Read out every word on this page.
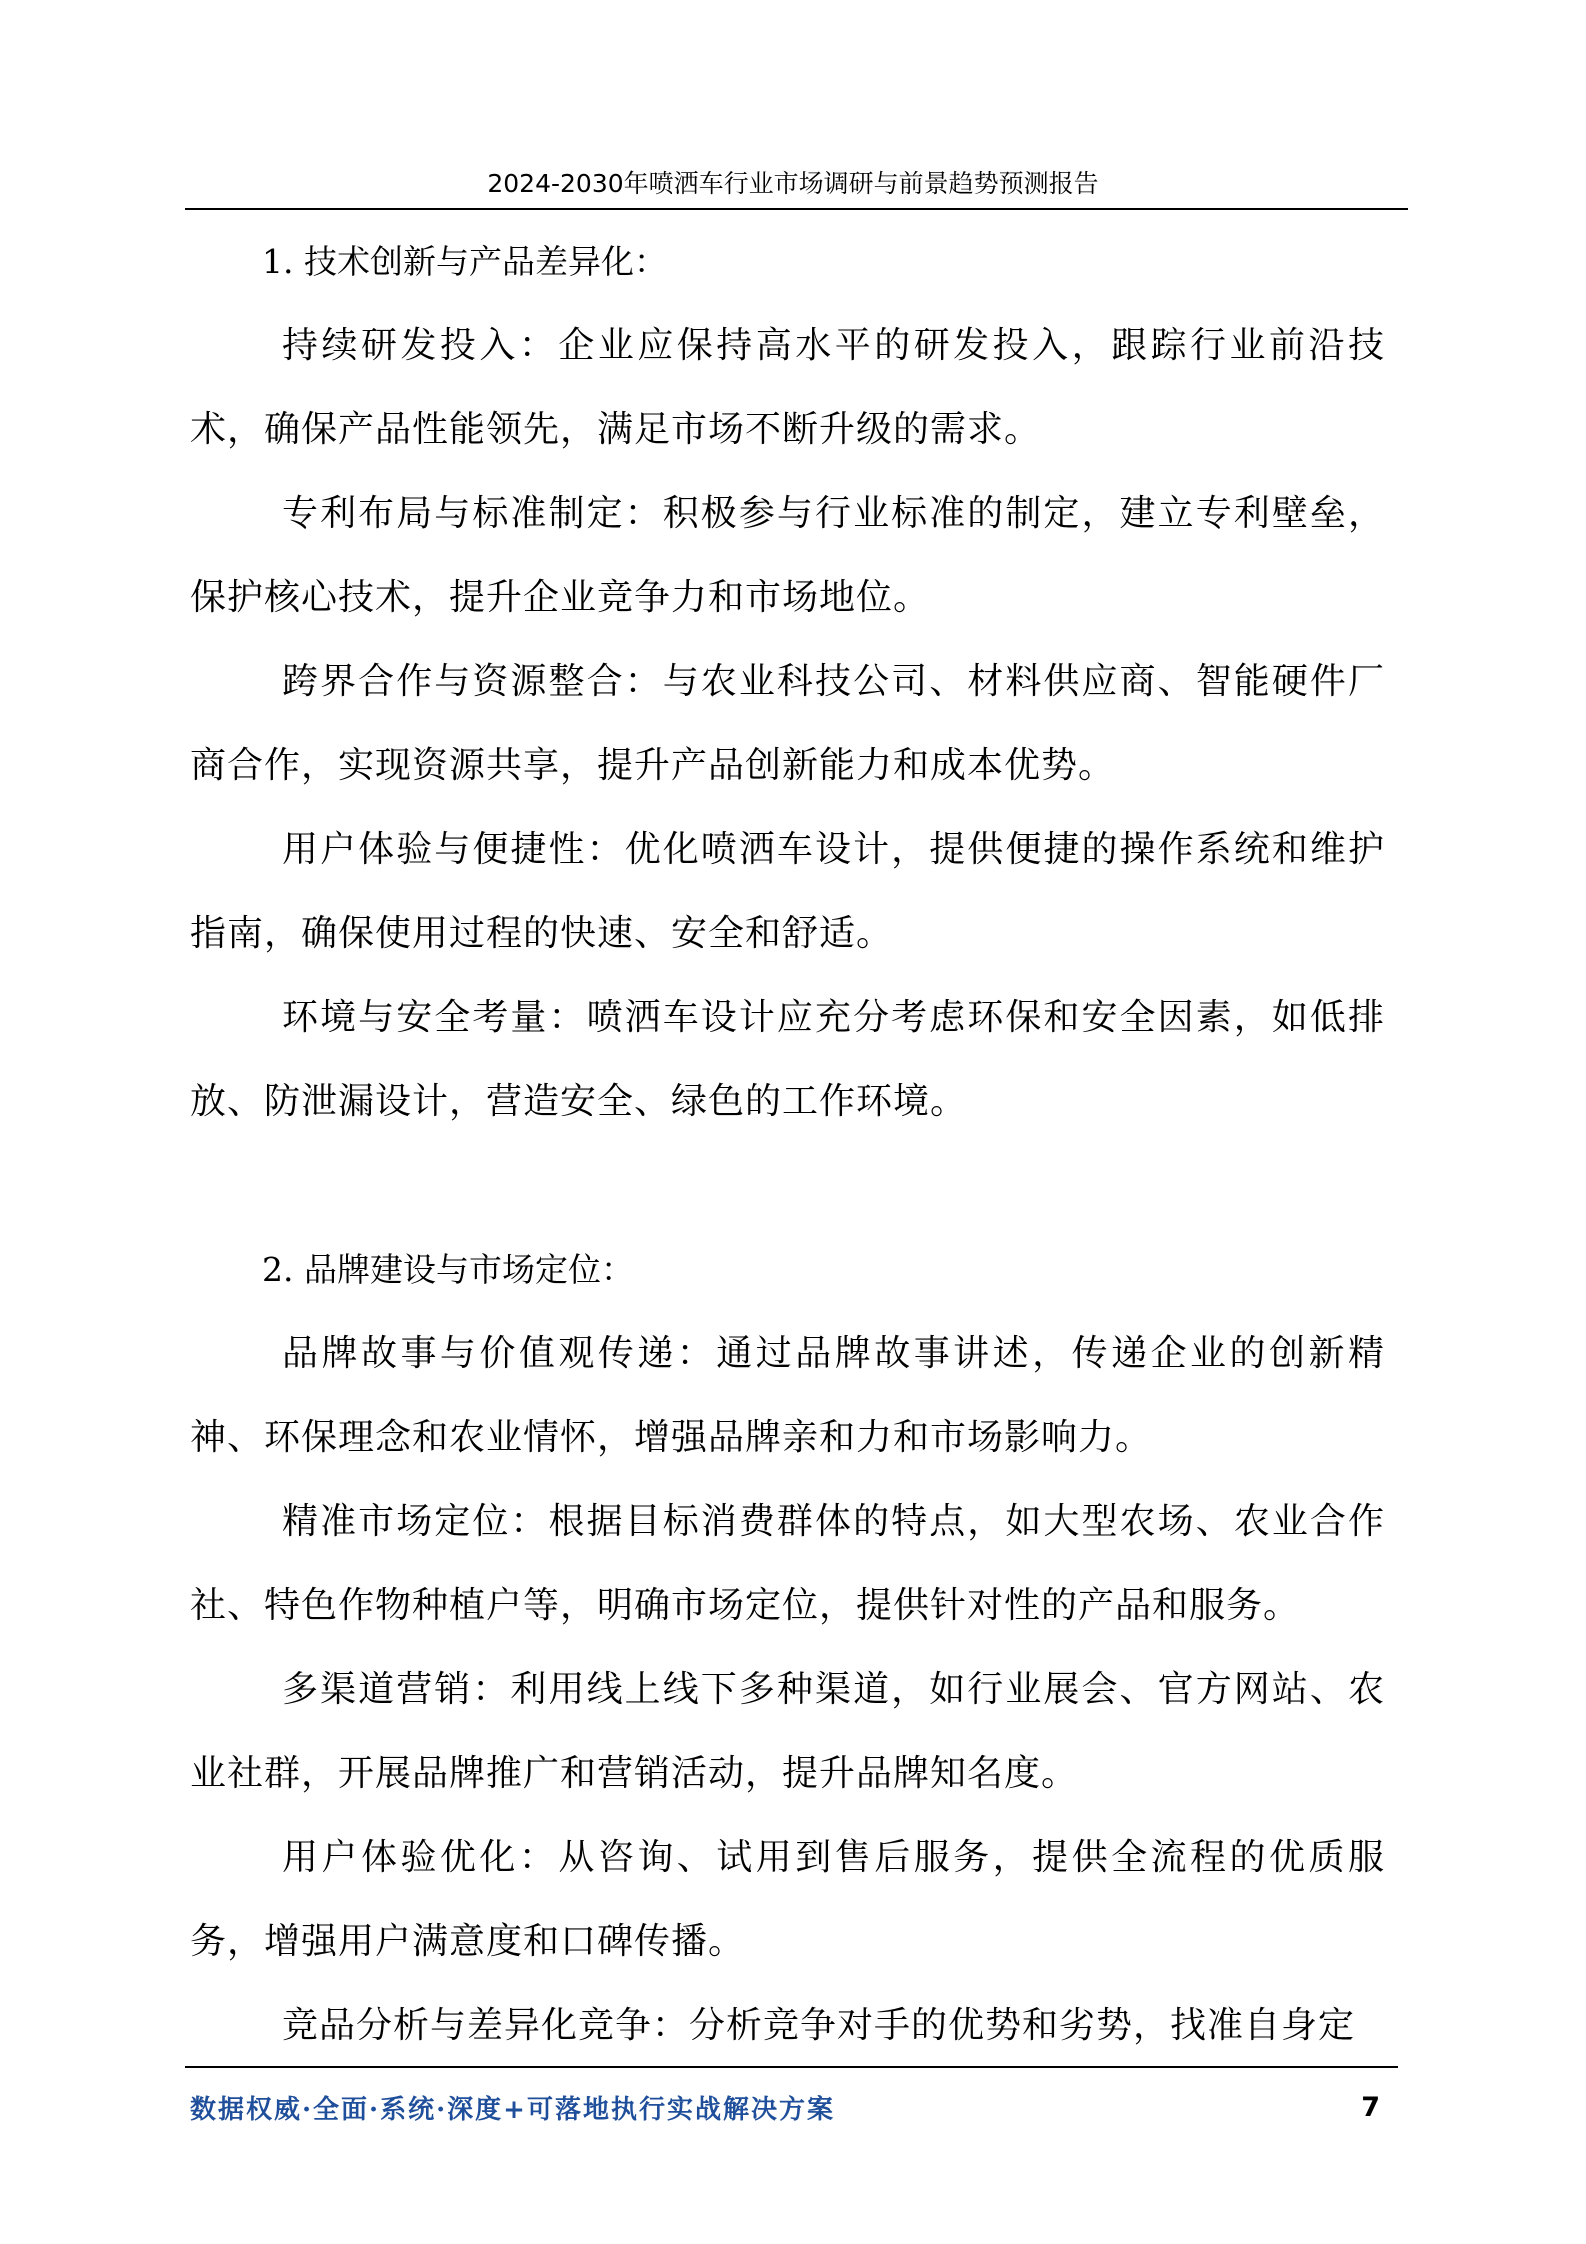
2024-2030年喷洒车行业市场调研与前景趋势预测报告

1. 技术创新与产品差异化：

持续研发投入：企业应保持高水平的研发投入，跟踪行业前沿技术，确保产品性能领先，满足市场不断升级的需求。

专利布局与标准制定：积极参与行业标准的制定，建立专利壁垒，保护核心技术，提升企业竞争力和市场地位。

跨界合作与资源整合：与农业科技公司、材料供应商、智能硬件厂商合作，实现资源共享，提升产品创新能力和成本优势。

用户体验与便捷性：优化喷洒车设计，提供便捷的操作系统和维护指南，确保使用过程的快速、安全和舒适。

环境与安全考量：喷洒车设计应充分考虑环保和安全因素，如低排放、防泄漏设计，营造安全、绿色的工作环境。

2. 品牌建设与市场定位：

品牌故事与价值观传递：通过品牌故事讲述，传递企业的创新精神、环保理念和农业情怀，增强品牌亲和力和市场影响力。

精准市场定位：根据目标消费群体的特点，如大型农场、农业合作社、特色作物种植户等，明确市场定位，提供针对性的产品和服务。

多渠道营销：利用线上线下多种渠道，如行业展会、官方网站、农业社群，开展品牌推广和营销活动，提升品牌知名度。

用户体验优化：从咨询、试用到售后服务，提供全流程的优质服务，增强用户满意度和口碑传播。

竞品分析与差异化竞争：分析竞争对手的优势和劣势，找准自身定

数据权威·全面·系统·深度+可落地执行实战解决方案	7
